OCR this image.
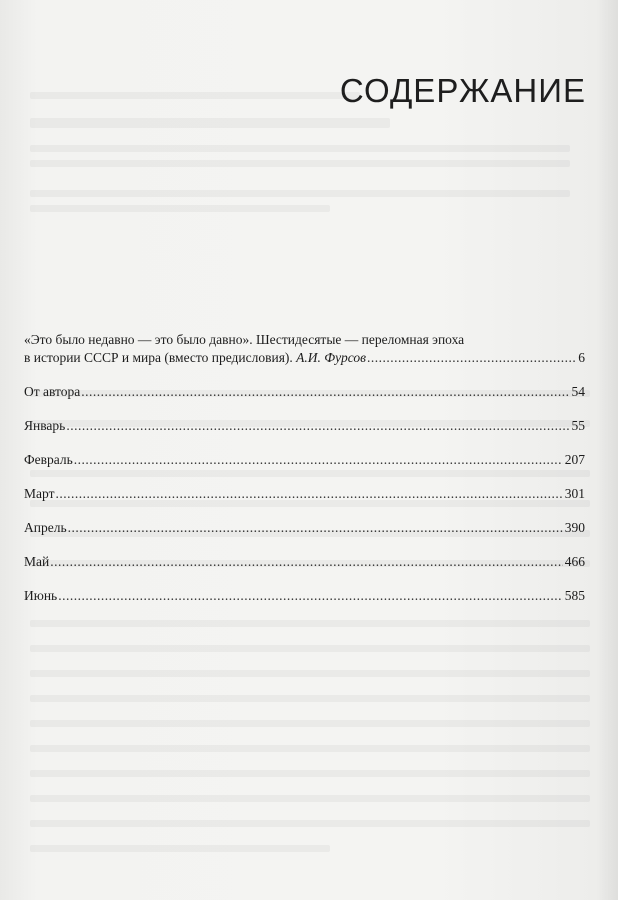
СОДЕРЖАНИЕ
«Это было недавно — это было давно». Шестидесятые — переломная эпоха
в истории СССР и мира (вместо предисловия). А.И. Фурсов .....	6
От автора .....	54
Январь .....	55
Февраль .....	207
Март .....	301
Апрель .....	390
Май .....	466
Июнь .....	585
